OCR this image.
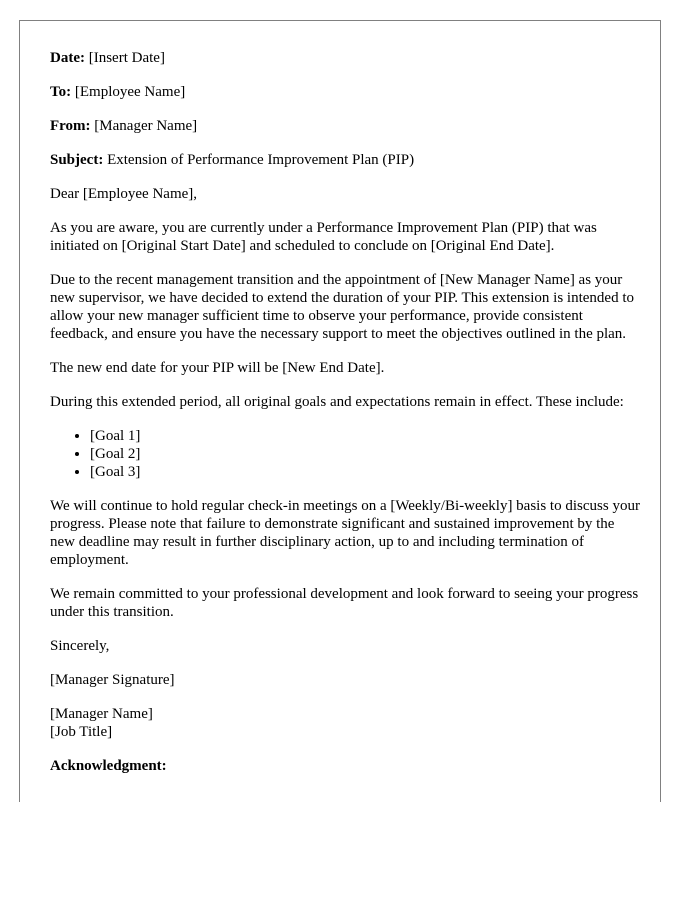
Date: [Insert Date]

To: [Employee Name]

From: [Manager Name]

Subject: Extension of Performance Improvement Plan (PIP)

Dear [Employee Name],

As you are aware, you are currently under a Performance Improvement Plan (PIP) that was initiated on [Original Start Date] and scheduled to conclude on [Original End Date].

Due to the recent management transition and the appointment of [New Manager Name] as your new supervisor, we have decided to extend the duration of your PIP. This extension is intended to allow your new manager sufficient time to observe your performance, provide consistent feedback, and ensure you have the necessary support to meet the objectives outlined in the plan.

The new end date for your PIP will be [New End Date].

During this extended period, all original goals and expectations remain in effect. These include:

• [Goal 1]
• [Goal 2]
• [Goal 3]

We will continue to hold regular check-in meetings on a [Weekly/Bi-weekly] basis to discuss your progress. Please note that failure to demonstrate significant and sustained improvement by the new deadline may result in further disciplinary action, up to and including termination of employment.

We remain committed to your professional development and look forward to seeing your progress under this transition.

Sincerely,

[Manager Signature]

[Manager Name]
[Job Title]

Acknowledgment:
